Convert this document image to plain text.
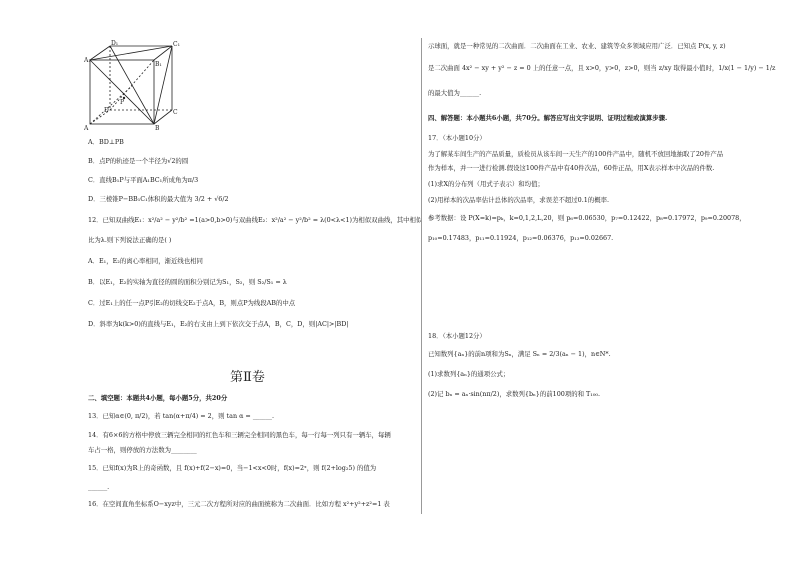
D₁	C₁
A₁
B₁
D	C
A	B
P
A．BD⊥PB
B．点P的轨迹是一个半径为√2的圆
C．直线B₁P与平面A₁BC₁所成角为π/3
D．三棱锥P−BB₁C₁体积的最大值为 3/2 + √6/2
12．已知双曲线E₁：x²/a² − y²/b² =1(a>0,b>0)与双曲线E₂：x²/a² − y²/b² = λ(0<λ<1)为相似双曲线，其中相似
比为λ.则下列说法正确的是( )
A．E₁，E₂的离心率相同，渐近线也相同
B．以E₁，E₂的实轴为直径的圆的面积分别记为S₁，S₂，则 S₂/S₁ = λ
C．过E₁上的任一点P引E₂的切线交E₂于点A，B，则点P为线段AB的中点
D．斜率为k(k>0)的直线与E₁，E₂的右支由上到下依次交于点A，B，C，D，则|AC|>|BD|
第Ⅱ卷
二、填空题：本题共4小题，每小题5分，共20分
13．已知α∈(0, π/2)，若 tan(α+π/4) = 2，则 tan α = ______.
14．有6×6的方格中停放三辆完全相同的红色车和三辆完全相同的黑色车，每一行每一列只有一辆车，每辆
车占一格，则停放的方法数为________
15．已知f(x)为R上的奇函数，且 f(x)+f(2−x)=0，当−1<x<0时，f(x)=2ˣ，则 f(2+log₂5) 的值为
______.
16．在空间直角坐标系O−xyz中，三元二次方程所对应的曲面统称为二次曲面．比如方程 x²+y²+z²=1 表
示球面，就是一种常见的二次曲面．二次曲面在工业、农业、建筑等众多领域应用广泛．已知点 P(x, y, z)
是二次曲面 4x² − xy + y² − z = 0 上的任意一点，且 x>0，y>0，z>0，则当 z/xy 取得最小值时，1/x(1 − 1/y) − 1/z
的最大值为______.
四、解答题：本小题共6小题，共70分。解答应写出文字说明、证明过程或演算步骤.
17．（本小题10分）
为了解某车间生产的产品质量，质检员从该车间一天生产的100件产品中，随机不放回地抽取了20件产品
作为样本，并一一进行检测.假设这100件产品中有40件次品，60件正品，用X表示样本中次品的件数.
(1)求X的分布列（用式子表示）和均值；
(2)用样本的次品率估计总体的次品率，求误差不超过0.1的概率.
参考数据：设 P(X=k)=pₖ，k=0,1,2,L,20，则 p₆=0.06530，p₇=0.12422，p₈=0.17972，p₉=0.20078，
p₁₀=0.17483，p₁₁=0.11924，p₁₂=0.06376，p₁₃=0.02667.
18．（本小题12分）
已知数列{aₙ}的前n项和为Sₙ，满足 Sₙ = 2/3(aₙ − 1)，n∈N*.
(1)求数列{aₙ}的通项公式；
(2)记 bₙ = aₙ·sin(nπ/2)，求数列{bₙ}的前100项的和 T₁₀₀.
